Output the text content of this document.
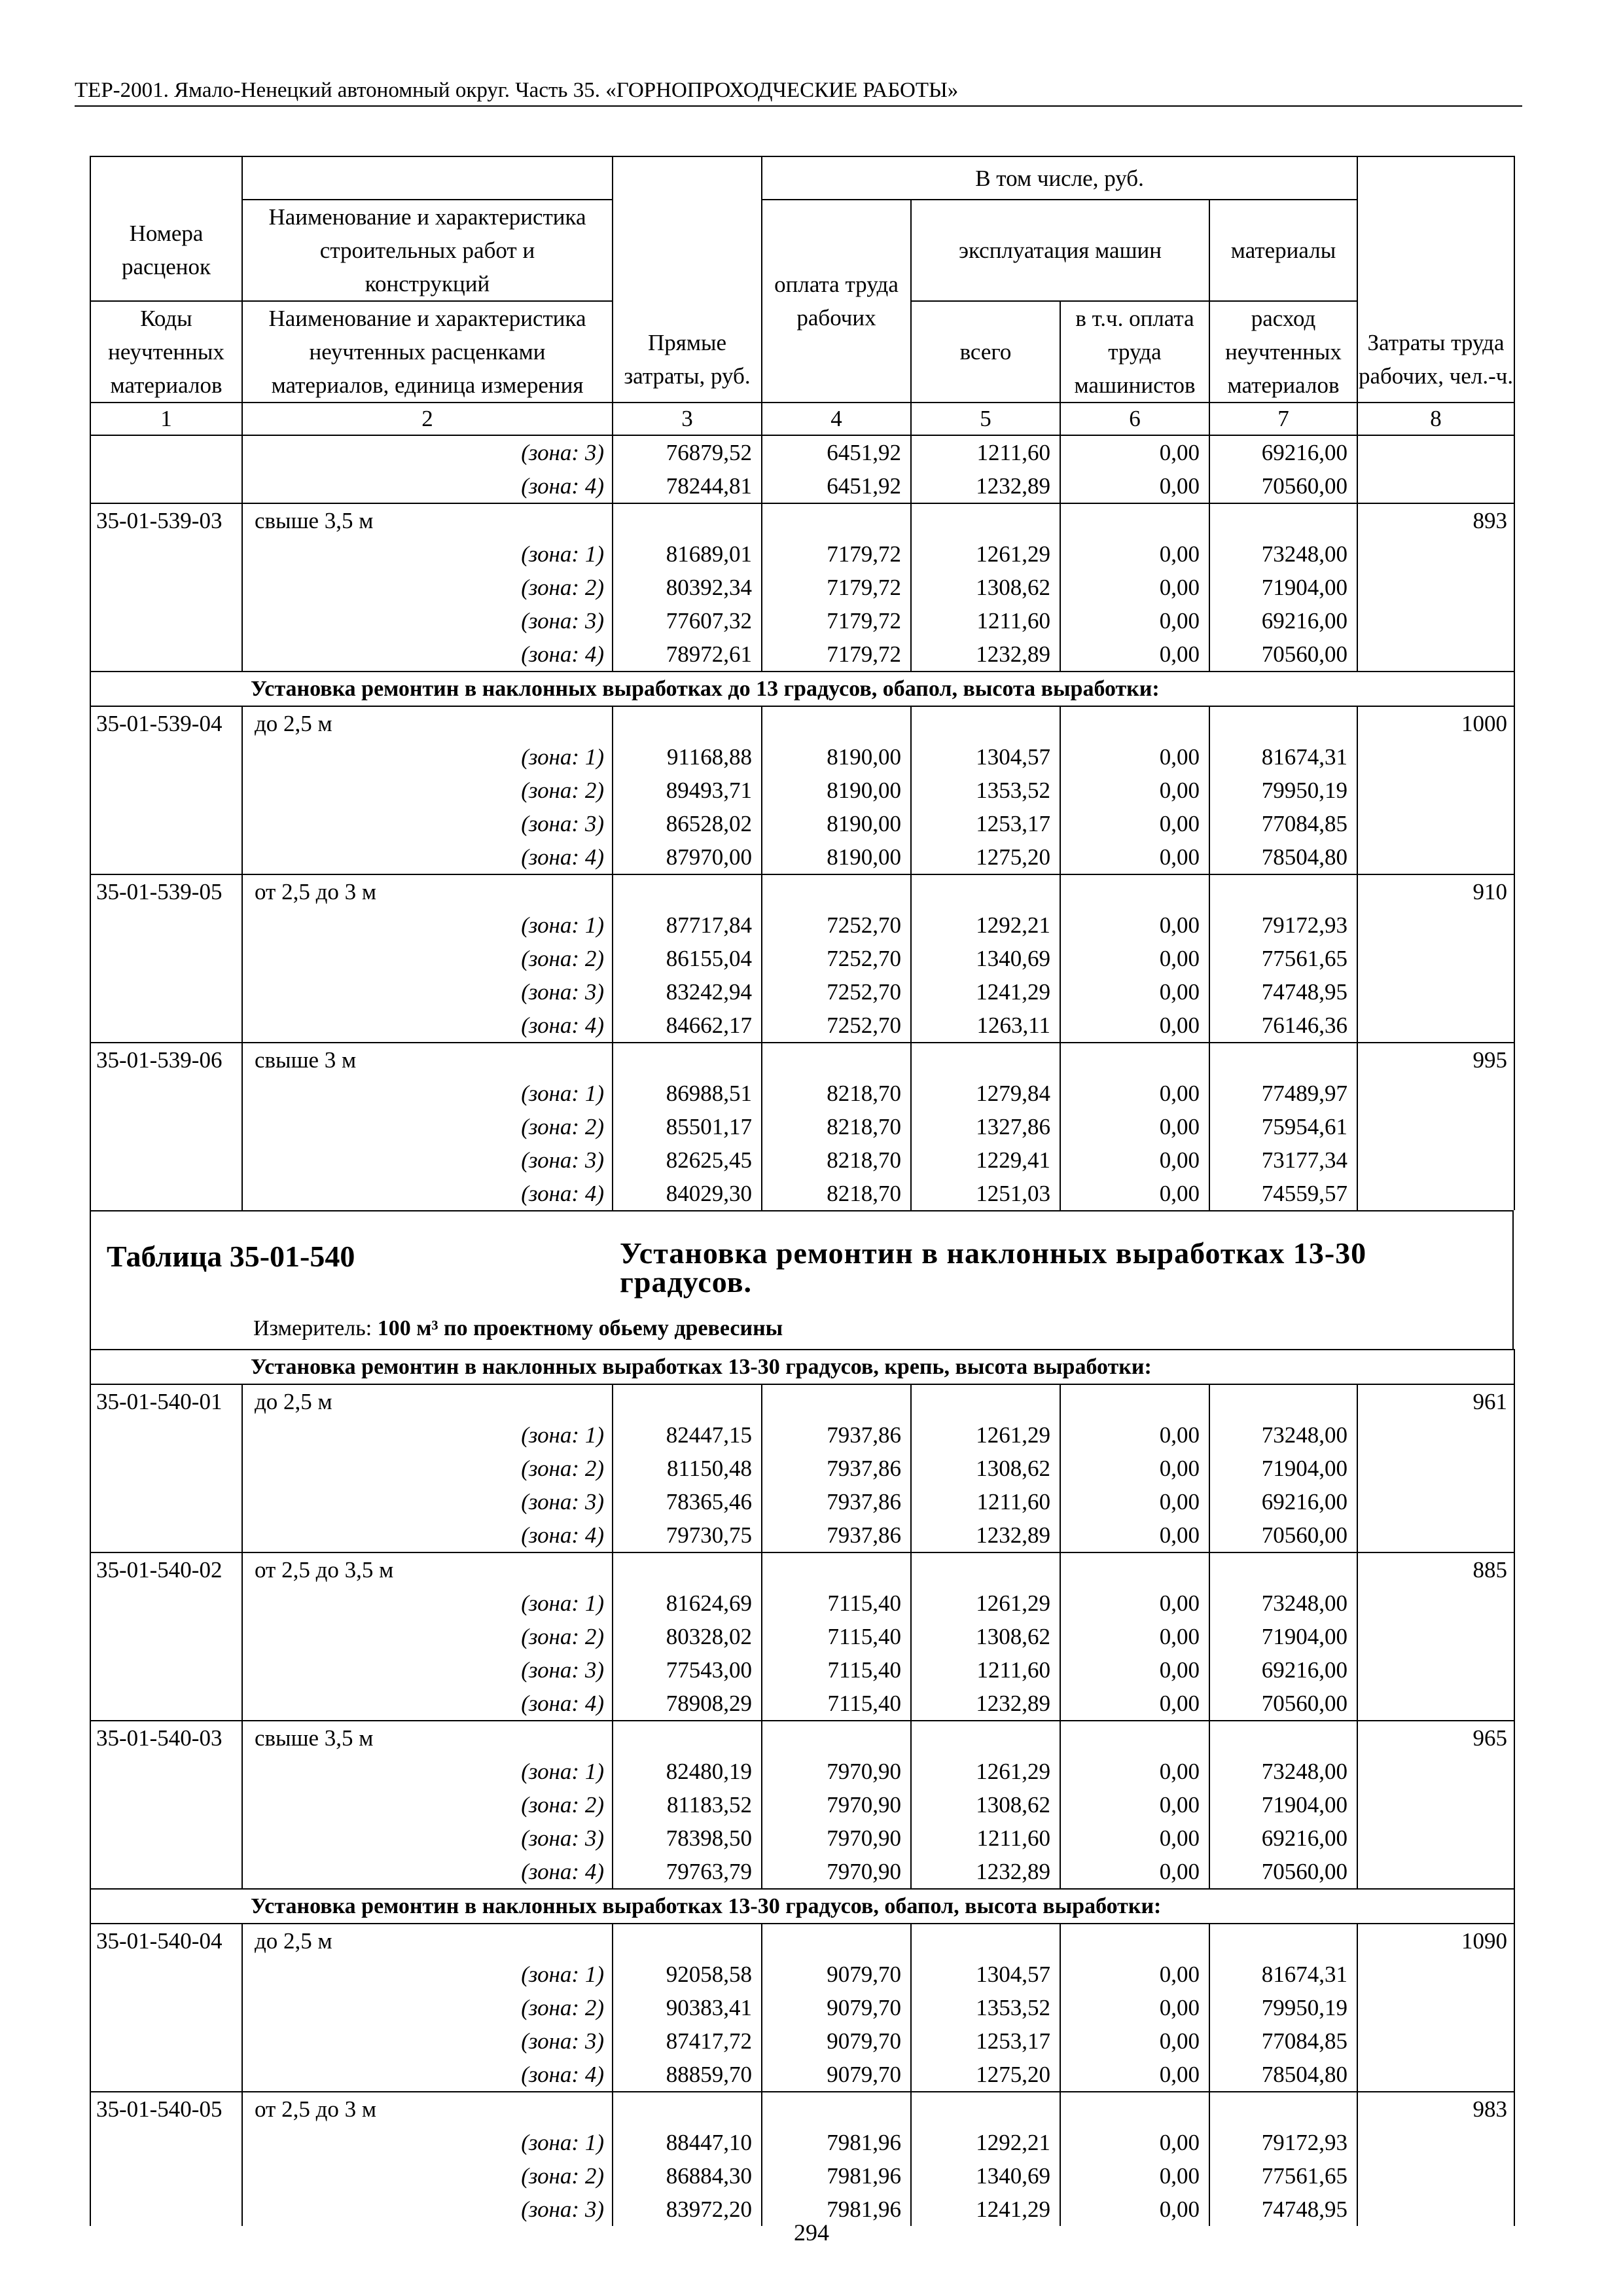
ТЕР-2001. Ямало-Ненецкий автономный округ. Часть 35. «ГОРНОПРОХОДЧЕСКИЕ РАБОТЫ»
		Прямые затраты, руб.	В том числе, руб.				Затраты труда рабочих, чел.-ч.
Номера расценок	Наименование и характеристика строительных работ и конструкций		оплата труда рабочих	эксплуатация машин		материалы	
Коды неучтенных материалов	Наименование и характеристика неучтенных расценками материалов, единица измерения			всего	в т.ч. оплата труда машинистов	расход неучтенных материалов	
1	2	3	4	5	6	7	8
	(зона: 3)	76879,52	6451,92	1211,60	0,00	69216,00	
	(зона: 4)	78244,81	6451,92	1232,89	0,00	70560,00	
35-01-539-03	свыше 3,5 м						893
	(зона: 1)	81689,01	7179,72	1261,29	0,00	73248,00	
	(зона: 2)	80392,34	7179,72	1308,62	0,00	71904,00	
	(зона: 3)	77607,32	7179,72	1211,60	0,00	69216,00	
	(зона: 4)	78972,61	7179,72	1232,89	0,00	70560,00	
Установка ремонтин в наклонных выработках до 13 градусов, обапол, высота выработки:							
35-01-539-04	до 2,5 м						1000
	(зона: 1)	91168,88	8190,00	1304,57	0,00	81674,31	
	(зона: 2)	89493,71	8190,00	1353,52	0,00	79950,19	
	(зона: 3)	86528,02	8190,00	1253,17	0,00	77084,85	
	(зона: 4)	87970,00	8190,00	1275,20	0,00	78504,80	
35-01-539-05	от 2,5 до 3 м						910
	(зона: 1)	87717,84	7252,70	1292,21	0,00	79172,93	
	(зона: 2)	86155,04	7252,70	1340,69	0,00	77561,65	
	(зона: 3)	83242,94	7252,70	1241,29	0,00	74748,95	
	(зона: 4)	84662,17	7252,70	1263,11	0,00	76146,36	
35-01-539-06	свыше 3 м						995
	(зона: 1)	86988,51	8218,70	1279,84	0,00	77489,97	
	(зона: 2)	85501,17	8218,70	1327,86	0,00	75954,61	
	(зона: 3)	82625,45	8218,70	1229,41	0,00	73177,34	
	(зона: 4)	84029,30	8218,70	1251,03	0,00	74559,57	
Таблица 35-01-540	Установка ремонтин в наклонных выработках 13-30 градусов.
Измеритель: 100 м³ по проектному обьему древесины
Установка ремонтин в наклонных выработках 13-30 градусов, крепь, высота выработки:							
35-01-540-01	до 2,5 м						961
	(зона: 1)	82447,15	7937,86	1261,29	0,00	73248,00	
	(зона: 2)	81150,48	7937,86	1308,62	0,00	71904,00	
	(зона: 3)	78365,46	7937,86	1211,60	0,00	69216,00	
	(зона: 4)	79730,75	7937,86	1232,89	0,00	70560,00	
35-01-540-02	от 2,5 до 3,5 м						885
	(зона: 1)	81624,69	7115,40	1261,29	0,00	73248,00	
	(зона: 2)	80328,02	7115,40	1308,62	0,00	71904,00	
	(зона: 3)	77543,00	7115,40	1211,60	0,00	69216,00	
	(зона: 4)	78908,29	7115,40	1232,89	0,00	70560,00	
35-01-540-03	свыше 3,5 м						965
	(зона: 1)	82480,19	7970,90	1261,29	0,00	73248,00	
	(зона: 2)	81183,52	7970,90	1308,62	0,00	71904,00	
	(зона: 3)	78398,50	7970,90	1211,60	0,00	69216,00	
	(зона: 4)	79763,79	7970,90	1232,89	0,00	70560,00	
Установка ремонтин в наклонных выработках 13-30 градусов, обапол, высота выработки:							
35-01-540-04	до 2,5 м						1090
	(зона: 1)	92058,58	9079,70	1304,57	0,00	81674,31	
	(зона: 2)	90383,41	9079,70	1353,52	0,00	79950,19	
	(зона: 3)	87417,72	9079,70	1253,17	0,00	77084,85	
	(зона: 4)	88859,70	9079,70	1275,20	0,00	78504,80	
35-01-540-05	от 2,5 до 3 м						983
	(зона: 1)	88447,10	7981,96	1292,21	0,00	79172,93	
	(зона: 2)	86884,30	7981,96	1340,69	0,00	77561,65	
	(зона: 3)	83972,20	7981,96	1241,29	0,00	74748,95	
294
